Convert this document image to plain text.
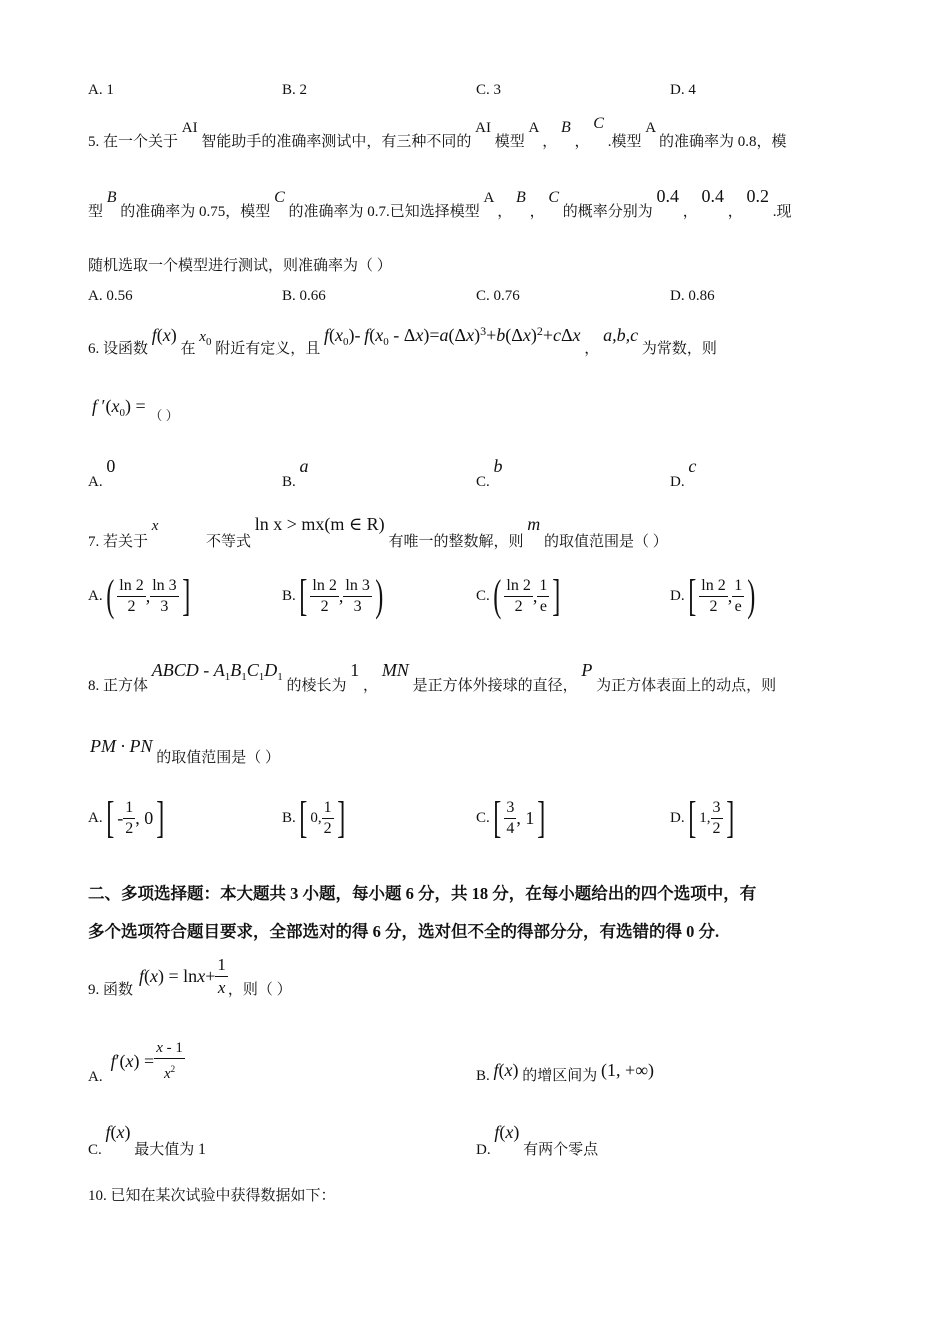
A. 1	B. 2	C. 3	D. 4
5. 在一个关于 AI 智能助手的准确率测试中，有三种不同的 AI 模型 A ， B ， C .模型 A 的准确率为 0.8，模
型 B 的准确率为 0.75，模型 C 的准确率为 0.7.已知选择模型 A ， B ， C 的概率分别为 0.4 ， 0.4 ， 0.2 .现
随机选取一个模型进行测试，则准确率为（ ）
A. 0.56	B. 0.66	C. 0.76	D. 0.86
6. 设函数 f(x) 在 $x_0$ 附近有定义，且 $f(x_0)-$ $f(x_0 - \Delta x)=a(\Delta x)^3+b(\Delta x)^2+c\Delta x$ ， a,b,c 为常数，则
f $'(x_0)$ = （ ）
A. 0
B. a
C. b
D. c
7. 若关于 x  不等式 ln x > mx(m ∈ R) 有唯一的整数解，则 m 的取值范围是（ ）
A. ( $\frac{\ln 2}{2}$ , $\frac{\ln 3}{3}$ ]	B. [ $\frac{\ln 2}{2}$ , $\frac{\ln 3}{3}$ )	C. ( $\frac{\ln 2}{2}$ , $\frac{1}{e}$ ]	D. [ $\frac{\ln 2}{2}$ , $\frac{1}{e}$ )
8. 正方体 ABCD - $A_1B_1C_1D_1$ 的棱长为 1 ， MN 是正方体外接球的直径， P 为正方体表面上的动点，则
PM · PN 的取值范围是（ ）
A. [ - $\frac{1}{2}$ , 0 ]	B. [ 0, $\frac{1}{2}$ ]	C. [ $\frac{3}{4}$ , 1 ]	D. [ 1, $\frac{3}{2}$ ]
二、多项选择题：本大题共 3 小题，每小题 6 分，共 18 分，在每小题给出的四个选项中，有
多个选项符合题目要求，全部选对的得 6 分，选对但不全的得部分分，有选错的得 0 分.
9. 函数
f ( x ) = $\ln x + \frac{1}{x}$ ，则（ ）
A.
f ′( x ) = $\frac{x - 1}{x^2}$	B. f(x) 的增区间为 (1, +∞)
C. f(x) 最大值为 1	D. f(x) 有两个零点
10. 已知在某次试验中获得数据如下：
